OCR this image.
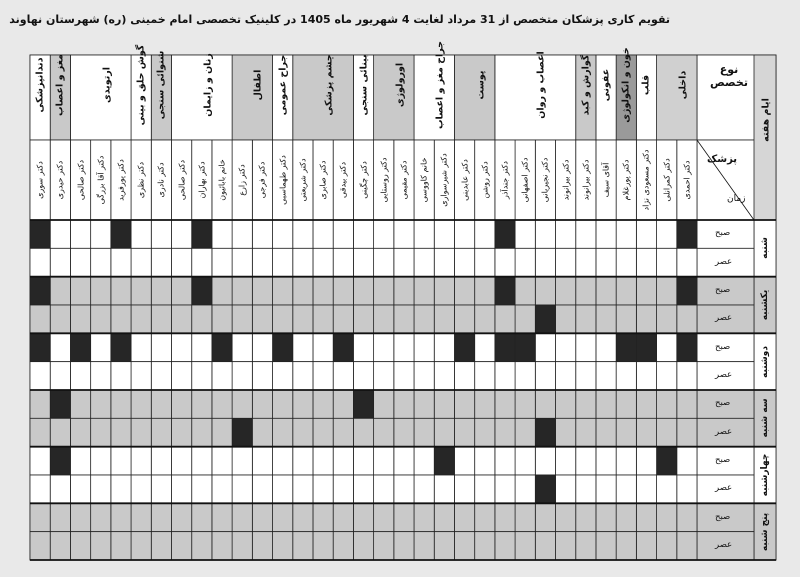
تقویم کاری پزشکان متخصص از 31 مرداد لغایت 4 شهریور ماه 1405 در کلینیک تخصصی امام خمینی (ره) شهرستان نهاوند
نوع تخصص
ایام هفته
پزشک
زمان
داخلی
قلب
خون و انکولوژی
عفونی
گوارش و کبد
اعصاب و روان
پوست
جراح مغز و اعصاب
اورولوژی
بینائی سنجی
چشم پزشکی
جراح عمومی
اطفال
زنان و زایمان
شنوائی سنجی
گوش حلق و بینی
ارتوپدی
مغز و اعصاب
دندانپزشکی
دکتر احمدی
دکتر کمرانلی
دکتر مسعودی نژاد
دکتر پورغلام
آقای سیف
دکتر بیرانوند
دکتر بیرانوند
دکتر نجیریانی
دکتر اصفهانی
دکتر جندآذر
دکتر روشن
دکتر عابدینی
دکتر شیرسواری
خانم کاووسی
دکتر مقیمی
دکتر روستایی
دکتر چگینی
دکتر بیدقی
دکتر صابری
دکتر شریعتی
دکتر طهماسبی
دکتر فرجی
دکتر زارع
خانم بابائیون
دکتر بهاران
دکتر صالحی
دکتر نادری
دکتر نظری
دکتر پورفرید
دکتر آقا بزرگی
دکتر صالحی
دکتر حیدری
دکتر سوری
شنبه
صبح
عصر
یکشنبه
صبح
عصر
دوشنبه
صبح
عصر
سه شنبه
صبح
عصر
چهارشنبه
صبح
عصر
پنج شنبه
صبح
عصر
